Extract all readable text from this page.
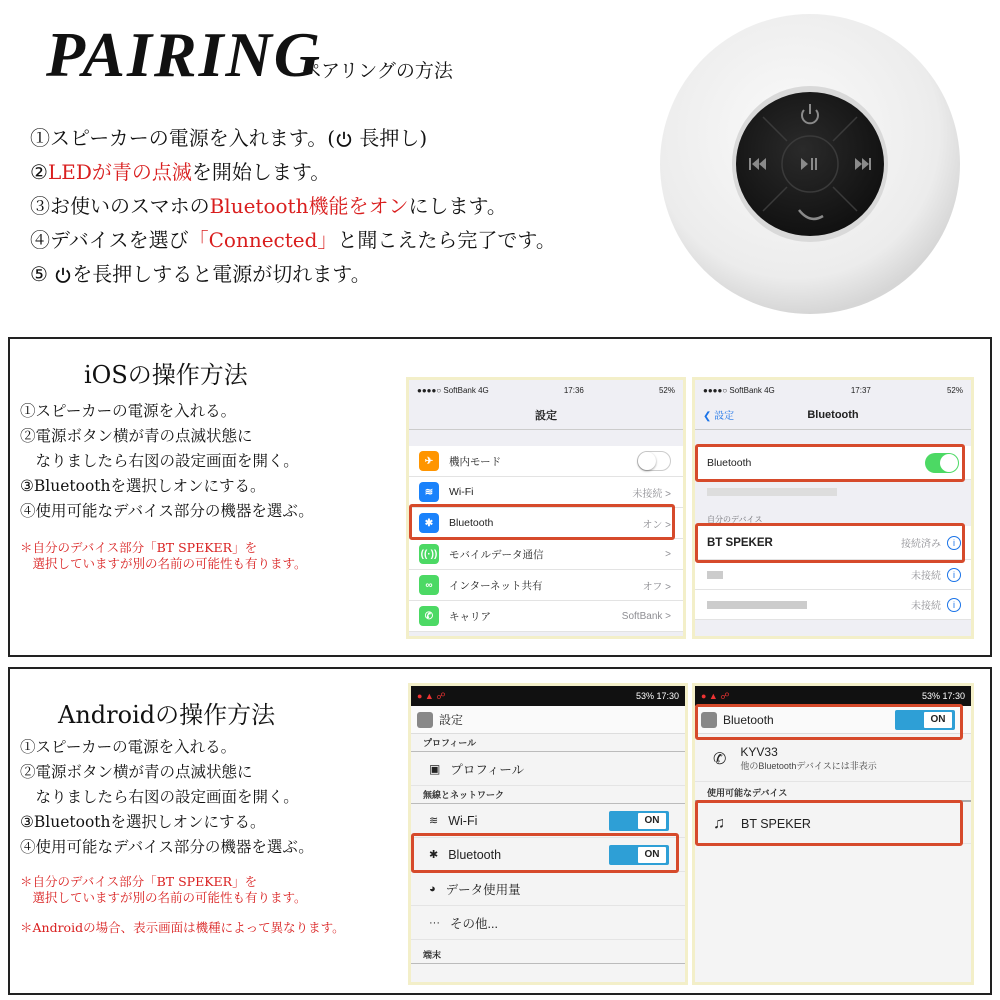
PAIRING
ペアリングの方法
①スピーカーの電源を入れます。( 長押し)
②LEDが青の点滅を開始します。
③お使いのスマホのBluetooth機能をオンにします。
④デバイスを選び「Connected」と聞こえたら完了です。
⑤ を長押しすると電源が切れます。
iOSの操作方法
①スピーカーの電源を入れる。
②電源ボタン横が青の点滅状態に
　なりましたら右図の設定画面を開く。
③Bluetoothを選択しオンにする。
④使用可能なデバイス部分の機器を選ぶ。
＊自分のデバイス部分「BT SPEKER」を
　選択していますが別の名前の可能性も有ります。
●●●●○ SoftBank 4G	17:36	52%
設定
✈	機内モード
≋	Wi-Fi	未接続 >
✱	Bluetooth	オン >
((·)) モバイルデータ通信	>
∞	インターネット共有	オフ >
✆	キャリア	SoftBank >
●●●●○ SoftBank 4G	17:37	52%
❮ 設定	Bluetooth
Bluetooth
自分のデバイス
BT SPEKER	接続済み	i
未接続	i
未接続	i
Androidの操作方法
①スピーカーの電源を入れる。
②電源ボタン横が青の点滅状態に
　なりましたら右図の設定画面を開く。
③Bluetoothを選択しオンにする。
④使用可能なデバイス部分の機器を選ぶ。
＊自分のデバイス部分「BT SPEKER」を
　選択していますが別の名前の可能性も有ります。
＊Androidの場合、表示画面は機種によって異なります。
● ▲ ☍	53% 17:30
設定
プロフィール
▣ プロフィール
無線とネットワーク
≋ Wi-Fi	ON
✱ Bluetooth	ON
◕ データ使用量
··· その他...
端末
● ▲ ☍	53% 17:30
Bluetooth	ON
✆ KYV33
他のBluetoothデバイスには非表示
使用可能なデバイス
♫ BT SPEKER
